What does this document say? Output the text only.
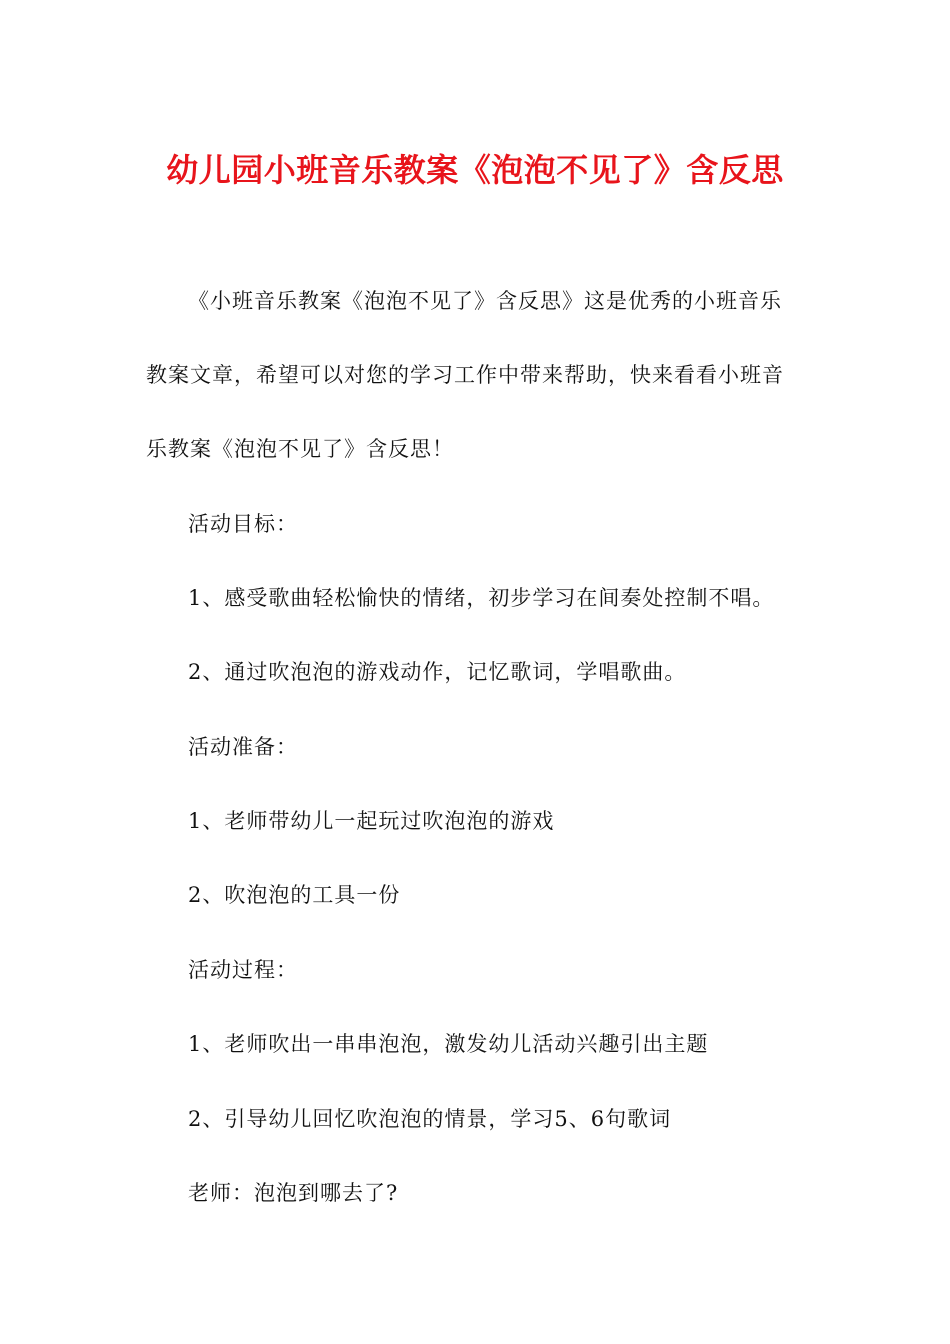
幼儿园小班音乐教案《泡泡不见了》含反思

《小班音乐教案《泡泡不见了》含反思》这是优秀的小班音乐

教案文章，希望可以对您的学习工作中带来帮助，快来看看小班音

乐教案《泡泡不见了》含反思！

活动目标：

1、感受歌曲轻松愉快的情绪，初步学习在间奏处控制不唱。

2、通过吹泡泡的游戏动作，记忆歌词，学唱歌曲。

活动准备：

1、老师带幼儿一起玩过吹泡泡的游戏

2、吹泡泡的工具一份

活动过程：

1、老师吹出一串串泡泡，激发幼儿活动兴趣引出主题

2、引导幼儿回忆吹泡泡的情景，学习5、6句歌词

老师：泡泡到哪去了?
